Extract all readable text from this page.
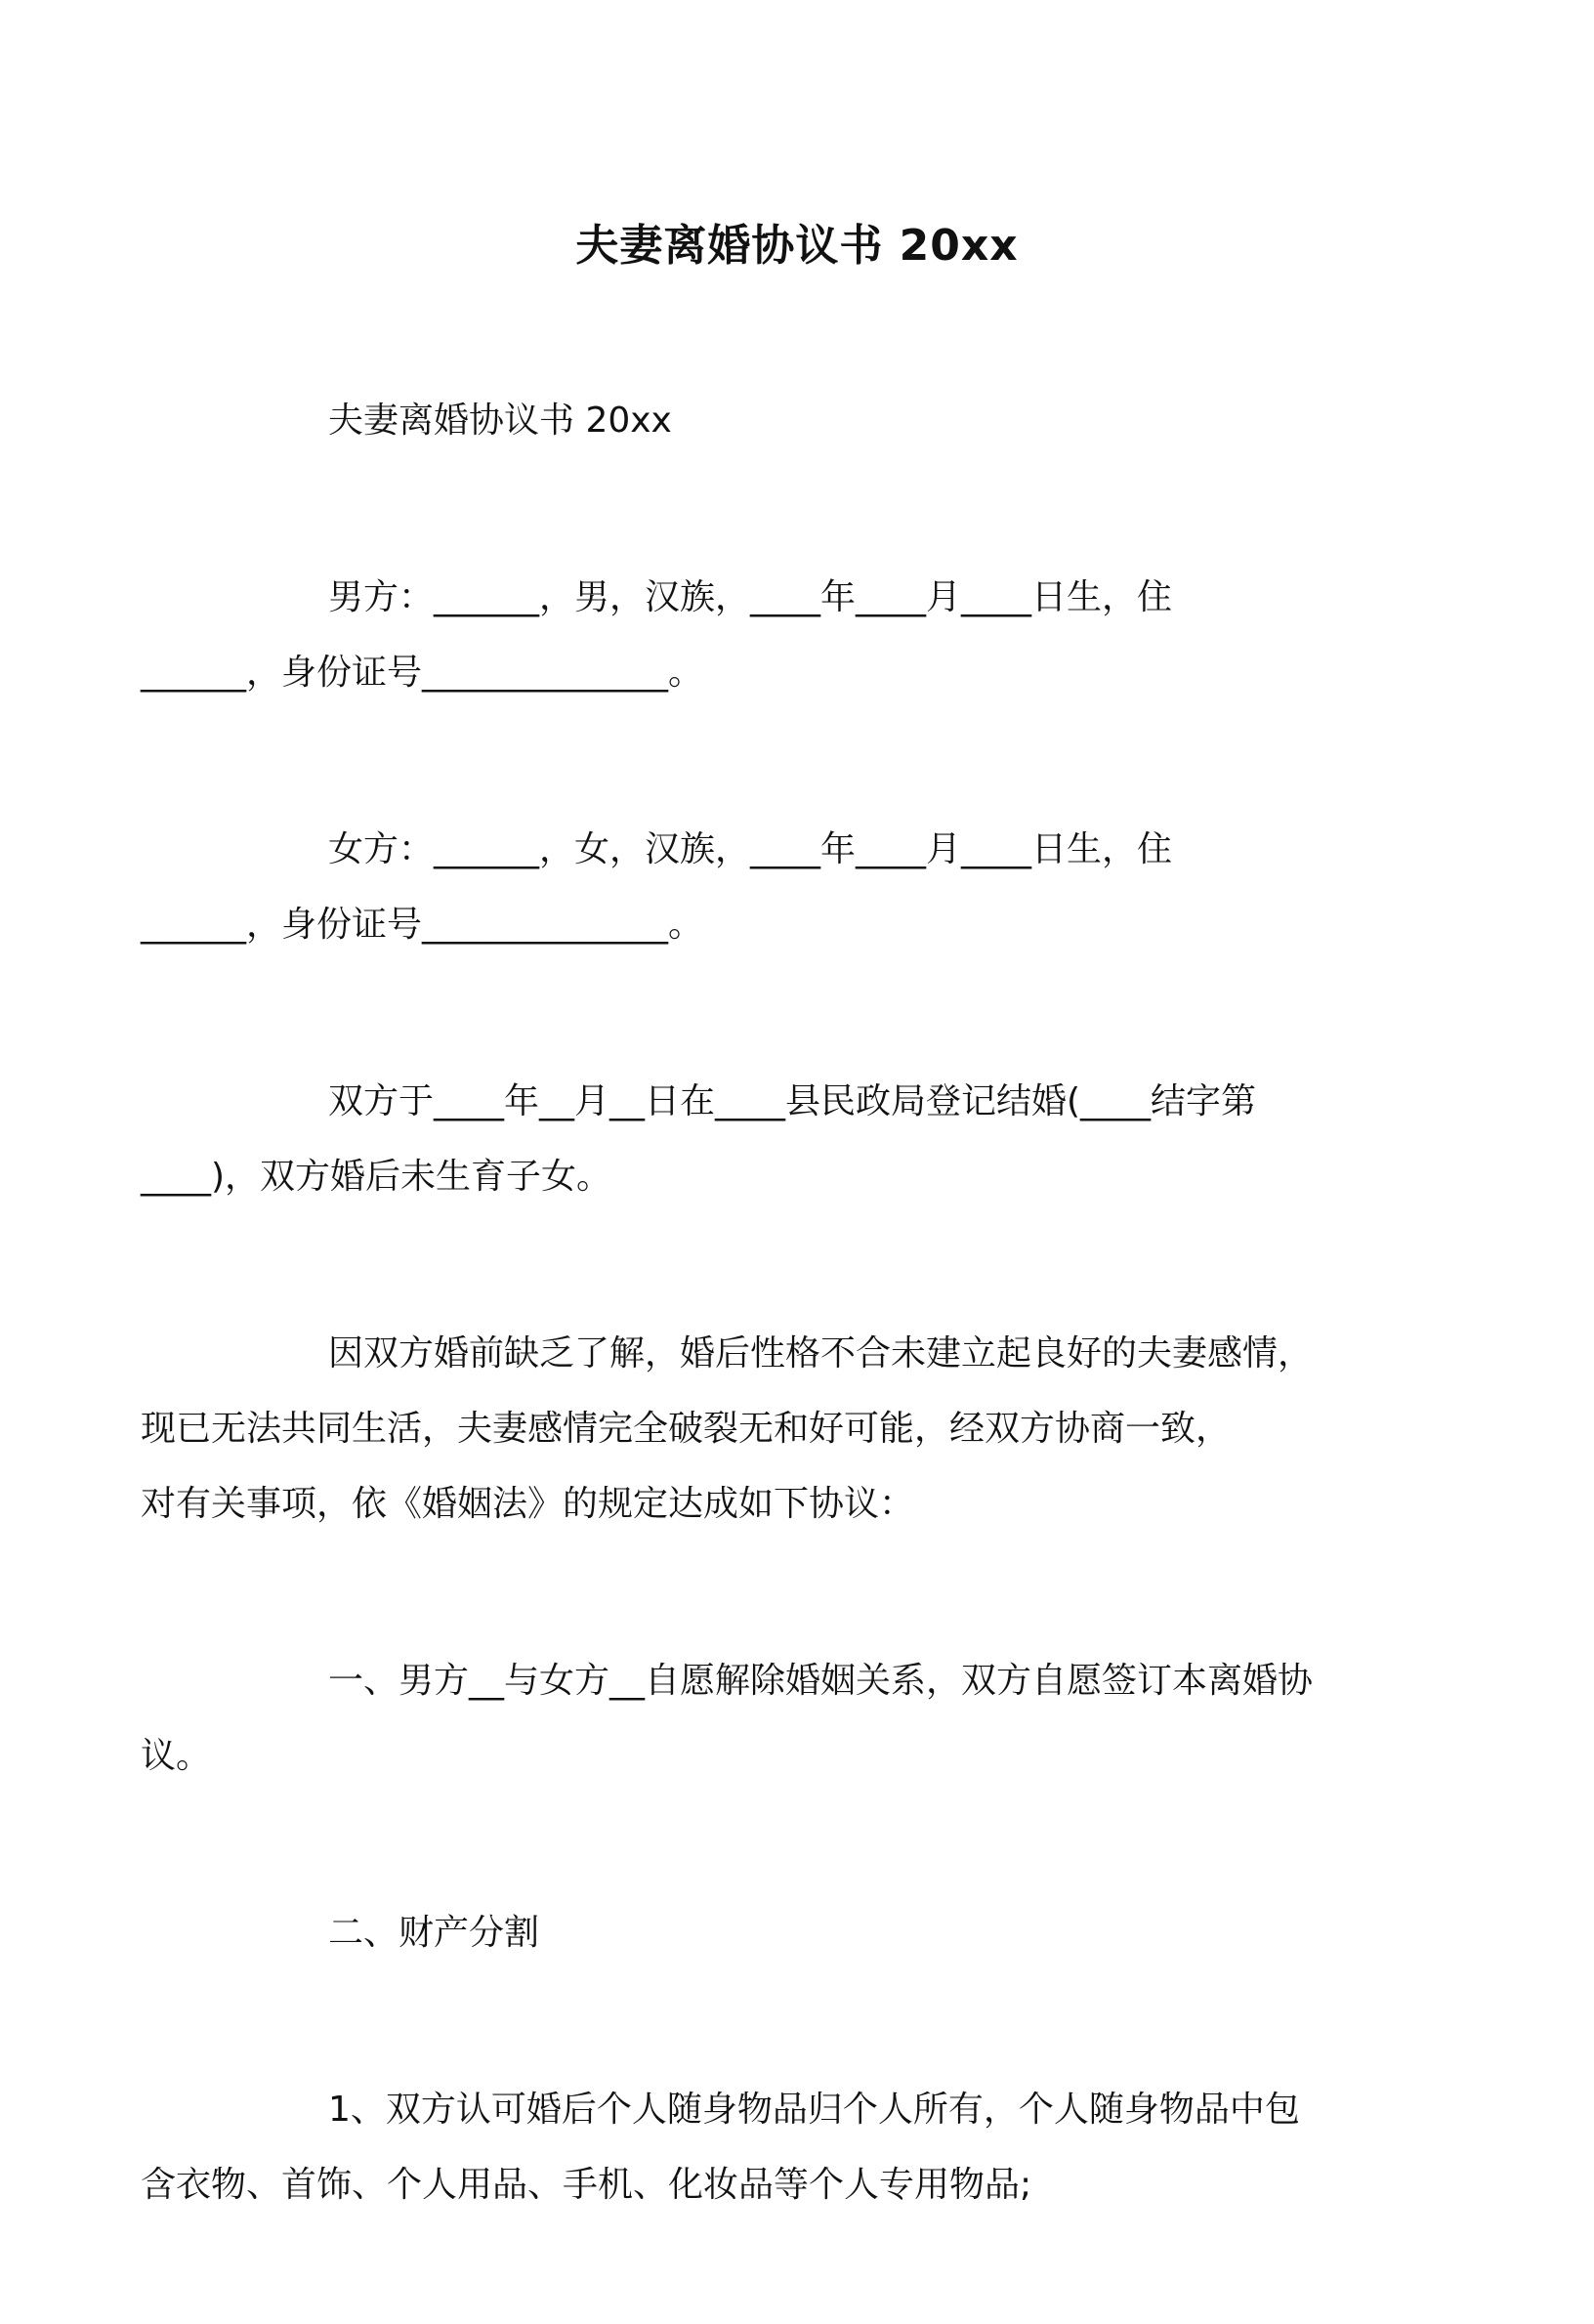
夫妻离婚协议书 20xx

夫妻离婚协议书 20xx

男方：______，男，汉族，____年____月____日生，住
______，身份证号______________。

女方：______，女，汉族，____年____月____日生，住
______，身份证号______________。

双方于____年__月__日在____县民政局登记结婚(____结字第
____)，双方婚后未生育子女。

因双方婚前缺乏了解，婚后性格不合未建立起良好的夫妻感情，
现已无法共同生活，夫妻感情完全破裂无和好可能，经双方协商一致，
对有关事项，依《婚姻法》的规定达成如下协议：

一、男方__与女方__自愿解除婚姻关系，双方自愿签订本离婚协
议。

二、财产分割

1、双方认可婚后个人随身物品归个人所有，个人随身物品中包
含衣物、首饰、个人用品、手机、化妆品等个人专用物品;
